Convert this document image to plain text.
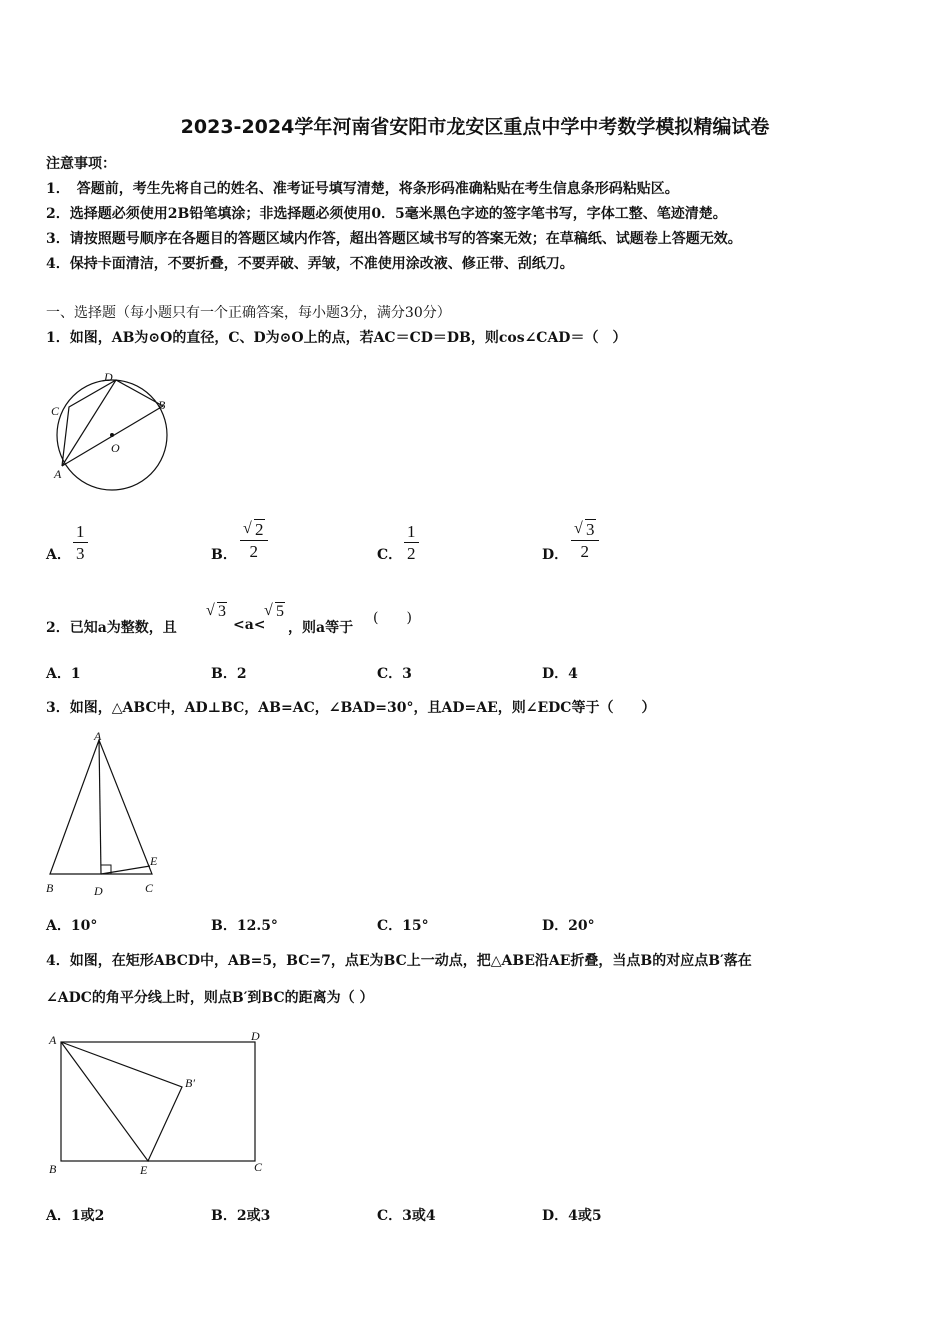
2023-2024学年河南省安阳市龙安区重点中学中考数学模拟精编试卷
注意事项：
1．　答题前，考生先将自己的姓名、准考证号填写清楚，将条形码准确粘贴在考生信息条形码粘贴区。
2．选择题必须使用2B铅笔填涂；非选择题必须使用0．5毫米黑色字迹的签字笔书写，字体工整、笔迹清楚。
3．请按照题号顺序在各题目的答题区域内作答，超出答题区域书写的答案无效；在草稿纸、试题卷上答题无效。
4．保持卡面清洁，不要折叠，不要弄破、弄皱，不准使用涂改液、修正带、刮纸刀。
一、选择题（每小题只有一个正确答案，每小题3分，满分30分）
1．如图，AB为⊙O的直径，C、D为⊙O上的点，若AC＝CD＝DB，则cos∠CAD＝（　）
D
C	B
A
O
A． $\frac{1}{3}$	B． $\frac{√ 2}{2}$	C． $\frac{1}{2}$	D． $\frac{√ 3}{2}$
2．已知a为整数，且
√ 3
<a<
√ 5
，则a等于
(　　)
A．1	B．2	C．3	D．4
3．如图，△ABC中，AD⊥BC，AB=AC，∠BAD=30°，且AD=AE，则∠EDC等于（　　）
A
B	D	C
E
A．10°	B．12.5°	C．15°	D．20°
4．如图，在矩形ABCD中，AB=5，BC=7，点E为BC上一动点，把△ABE沿AE折叠，当点B的对应点B′落在
∠ADC的角平分线上时，则点B′到BC的距离为（ ）
A	D
B′
B	E	C
A．1或2	B．2或3	C．3或4	D．4或5
